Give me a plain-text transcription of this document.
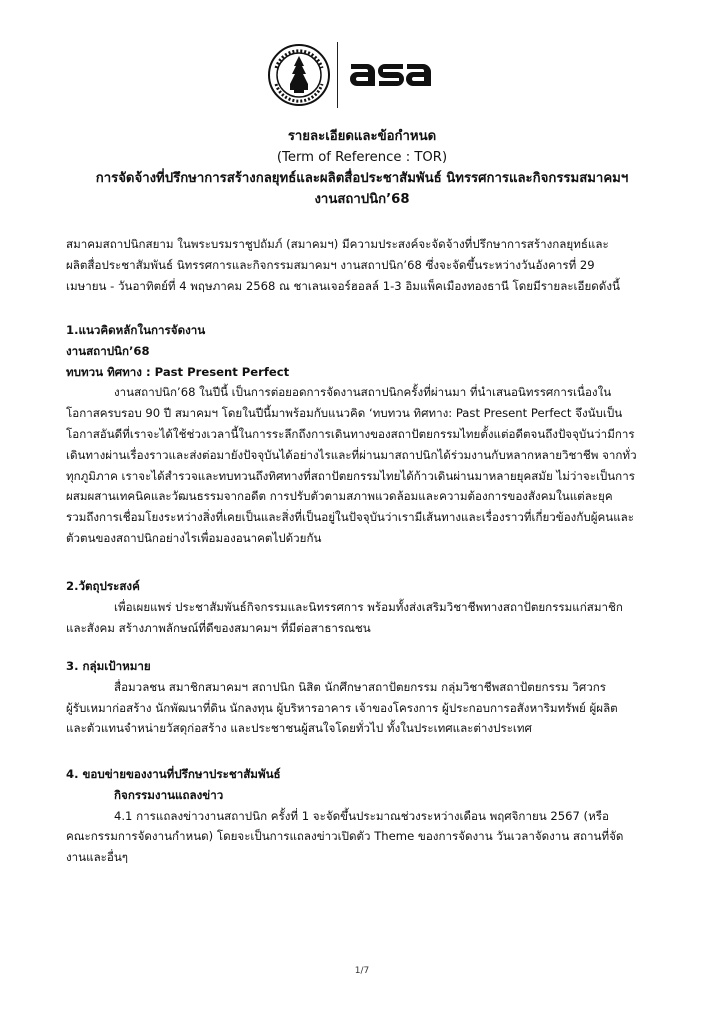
รายละเอียดและข้อกำหนด
(Term of Reference : TOR)
การจัดจ้างที่ปรึกษาการสร้างกลยุทธ์และผลิตสื่อประชาสัมพันธ์ นิทรรศการและกิจกรรมสมาคมฯ
งานสถาปนิก’68
สมาคมสถาปนิกสยาม ในพระบรมราชูปถัมภ์ (สมาคมฯ) มีความประสงค์จะจัดจ้างที่ปรึกษาการสร้างกลยุทธ์และ
ผลิตสื่อประชาสัมพันธ์ นิทรรศการและกิจกรรมสมาคมฯ งานสถาปนิก’68 ซึ่งจะจัดขึ้นระหว่างวันอังคารที่ 29
เมษายน - วันอาทิตย์ที่ 4 พฤษภาคม 2568 ณ ชาเลนเจอร์ฮอลล์ 1-3 อิมแพ็คเมืองทองธานี โดยมีรายละเอียดดังนี้
1.แนวคิดหลักในการจัดงาน
งานสถาปนิก’68
ทบทวน ทิศทาง : Past Present Perfect
งานสถาปนิก’68 ในปีนี้ เป็นการต่อยอดการจัดงานสถาปนิกครั้งที่ผ่านมา ที่นำเสนอนิทรรศการเนื่องใน
โอกาสครบรอบ 90 ปี สมาคมฯ โดยในปีนี้มาพร้อมกับแนวคิด ‘ทบทวน ทิศทาง: Past Present Perfect จึงนับเป็น
โอกาสอันดีที่เราจะได้ใช้ช่วงเวลานี้ในการระลึกถึงการเดินทางของสถาปัตยกรรมไทยตั้งแต่อดีตจนถึงปัจจุบันว่ามีการ
เดินทางผ่านเรื่องราวและส่งต่อมายังปัจจุบันได้อย่างไรและที่ผ่านมาสถาปนิกได้ร่วมงานกับหลากหลายวิชาชีพ จากทั่ว
ทุกภูมิภาค เราจะได้สำรวจและทบทวนถึงทิศทางที่สถาปัตยกรรมไทยได้ก้าวเดินผ่านมาหลายยุคสมัย ไม่ว่าจะเป็นการ
ผสมผสานเทคนิคและวัฒนธรรมจากอดีต การปรับตัวตามสภาพแวดล้อมและความต้องการของสังคมในแต่ละยุค
รวมถึงการเชื่อมโยงระหว่างสิ่งที่เคยเป็นและสิ่งที่เป็นอยู่ในปัจจุบันว่าเรามีเส้นทางและเรื่องราวที่เกี่ยวข้องกับผู้คนและ
ตัวตนของสถาปนิกอย่างไรเพื่อมองอนาคตไปด้วยกัน
2.วัตถุประสงค์
เพื่อเผยแพร่ ประชาสัมพันธ์กิจกรรมและนิทรรศการ พร้อมทั้งส่งเสริมวิชาชีพทางสถาปัตยกรรมแก่สมาชิก
และสังคม สร้างภาพลักษณ์ที่ดีของสมาคมฯ ที่มีต่อสาธารณชน
3. กลุ่มเป้าหมาย
สื่อมวลชน สมาชิกสมาคมฯ สถาปนิก นิสิต นักศึกษาสถาปัตยกรรม กลุ่มวิชาชีพสถาปัตยกรรม วิศวกร
ผู้รับเหมาก่อสร้าง นักพัฒนาที่ดิน นักลงทุน ผู้บริหารอาคาร เจ้าของโครงการ ผู้ประกอบการอสังหาริมทรัพย์ ผู้ผลิต
และตัวแทนจำหน่ายวัสดุก่อสร้าง และประชาชนผู้สนใจโดยทั่วไป ทั้งในประเทศและต่างประเทศ
4. ขอบข่ายของงานที่ปรึกษาประชาสัมพันธ์
กิจกรรมงานแถลงข่าว
4.1 การแถลงข่าวงานสถาปนิก ครั้งที่ 1 จะจัดขึ้นประมาณช่วงระหว่างเดือน พฤศจิกายน 2567 (หรือ
คณะกรรมการจัดงานกำหนด) โดยจะเป็นการแถลงข่าวเปิดตัว Theme ของการจัดงาน วันเวลาจัดงาน สถานที่จัด
งานและอื่นๆ
1/7
